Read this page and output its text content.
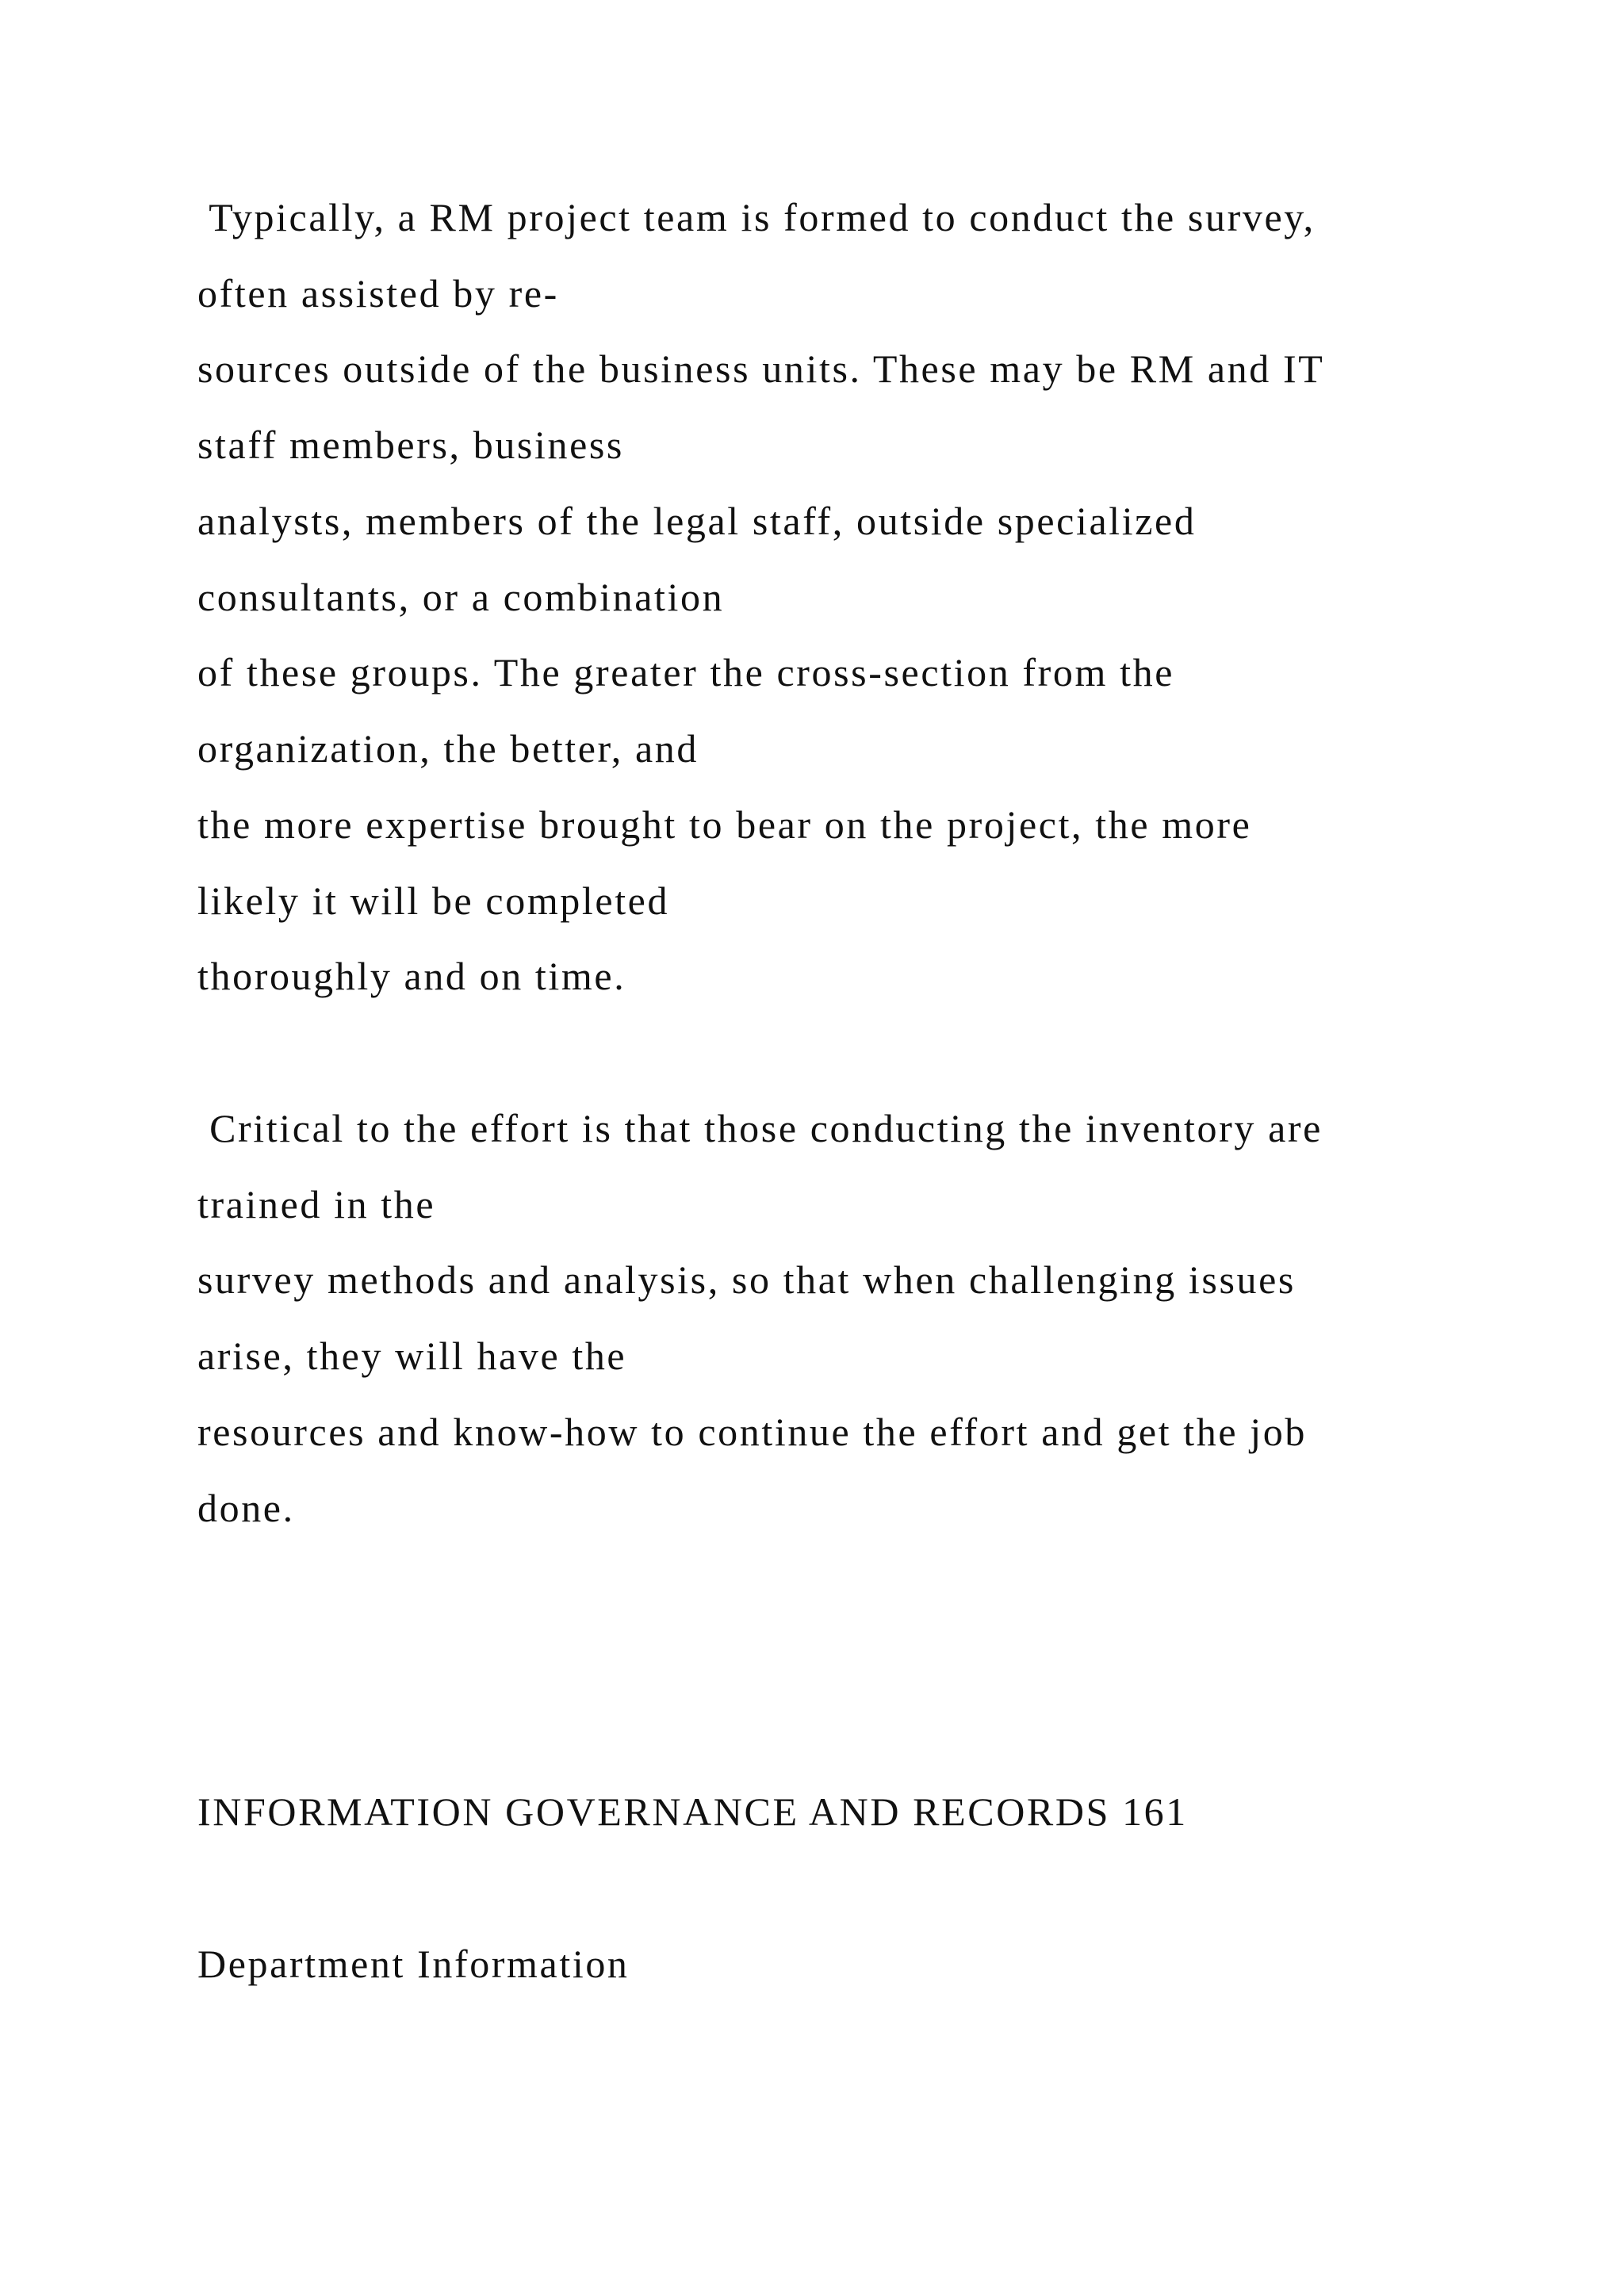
Typically, a RM project team is formed to conduct the survey,

often assisted by re-

sources outside of the business units. These may be RM and IT

staff members, business

analysts, members of the legal staff, outside specialized

consultants, or a combination

of these groups. The greater the cross-section from the

organization, the better, and

the more expertise brought to bear on the project, the more

likely it will be completed

thoroughly and on time.

Critical to the effort is that those conducting the inventory are

trained in the

survey methods and analysis, so that when challenging issues

arise, they will have the

resources and know-how to continue the effort and get the job

done.

INFORMATION GOVERNANCE AND RECORDS 161

Department Information
